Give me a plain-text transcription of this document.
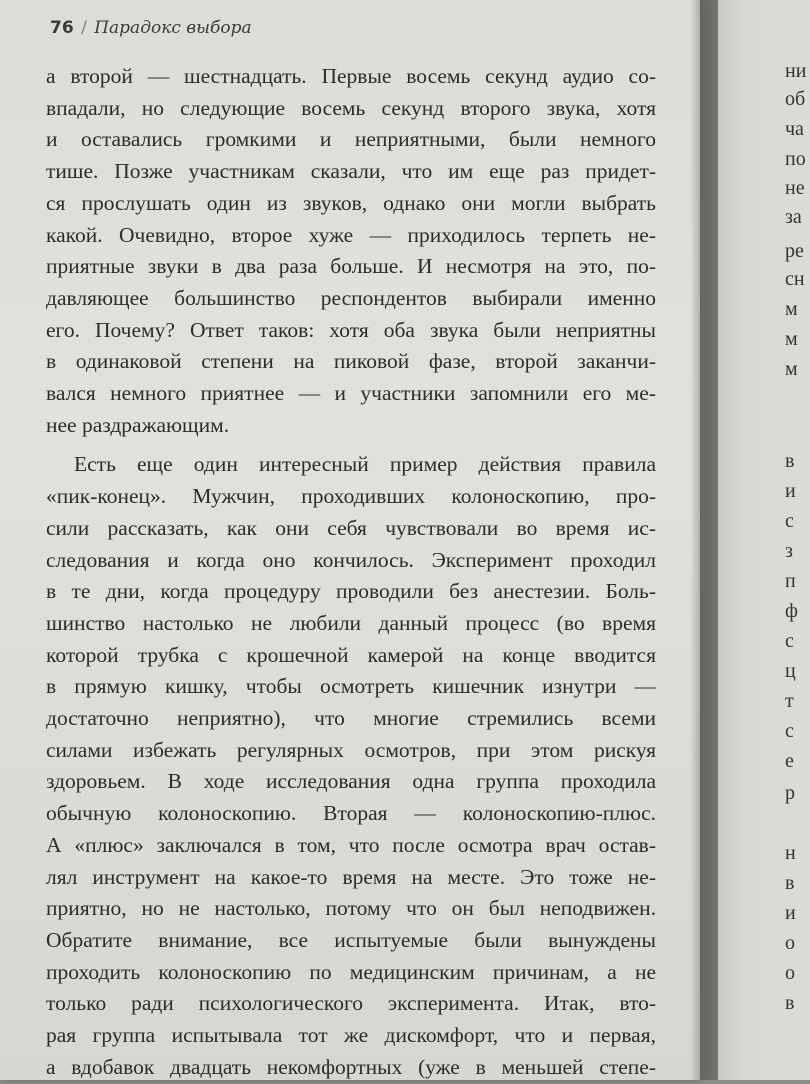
76 / Парадокс выбора
а второй — шестнадцать. Первые восемь секунд аудио со-
впадали, но следующие восемь секунд второго звука, хотя
и оставались громкими и неприятными, были немного
тише. Позже участникам сказали, что им еще раз придет-
ся прослушать один из звуков, однако они могли выбрать
какой. Очевидно, второе хуже — приходилось терпеть не-
приятные звуки в два раза больше. И несмотря на это, по-
давляющее большинство респондентов выбирали именно
его. Почему? Ответ таков: хотя оба звука были неприятны
в одинаковой степени на пиковой фазе, второй заканчи-
вался немного приятнее — и участники запомнили его ме-
нее раздражающим.
Есть еще один интересный пример действия правила
«пик-конец». Мужчин, проходивших колоноскопию, про-
сили рассказать, как они себя чувствовали во время ис-
следования и когда оно кончилось. Эксперимент проходил
в те дни, когда процедуру проводили без анестезии. Боль-
шинство настолько не любили данный процесс (во время
которой трубка с крошечной камерой на конце вводится
в прямую кишку, чтобы осмотреть кишечник изнутри —
достаточно неприятно), что многие стремились всеми
силами избежать регулярных осмотров, при этом рискуя
здоровьем. В ходе исследования одна группа проходила
обычную колоноскопию. Вторая — колоноскопию-плюс.
А «плюс» заключался в том, что после осмотра врач остав-
лял инструмент на какое-то время на месте. Это тоже не-
приятно, но не настолько, потому что он был неподвижен.
Обратите внимание, все испытуемые были вынуждены
проходить колоноскопию по медицинским причинам, а не
только ради психологического эксперимента. Итак, вто-
рая группа испытывала тот же дискомфорт, что и первая,
а вдобавок двадцать некомфортных (уже в меньшей степе-
ни
об
ча
по
не
за
ре
сн
м
м
м
в
и
с
з
п
ф
с
ц
т
с
е
р
н
в
и
о
о
в
